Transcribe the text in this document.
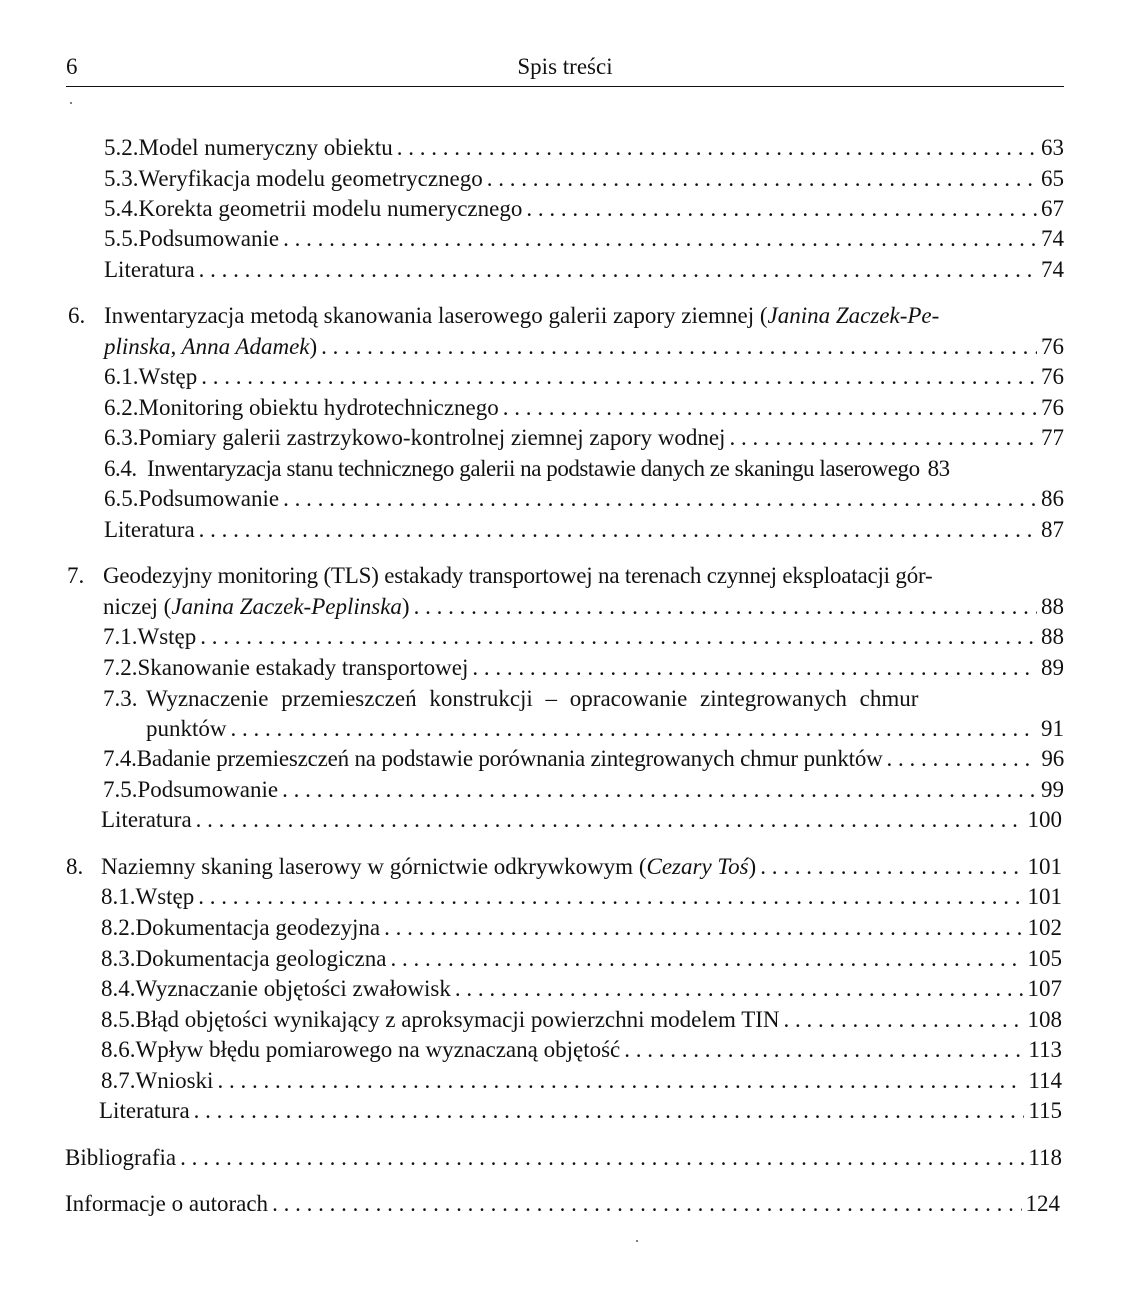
6	Spis treści
5.2. Model numeryczny obiektu . . .	63
5.3. Weryfikacja modelu geometrycznego . . .	65
5.4. Korekta geometrii modelu numerycznego . . .	67
5.5. Podsumowanie . . .	74
Literatura . . .	74
6. Inwentaryzacja metodą skanowania laserowego galerii zapory ziemnej (Janina Zaczek-Pe-
plinska, Anna Adamek) . . .	76
6.1. Wstęp . . .	76
6.2. Monitoring obiektu hydrotechnicznego . . .	76
6.3. Pomiary galerii zastrzykowo-kontrolnej ziemnej zapory wodnej . . .	77
6.4. Inwentaryzacja stanu technicznego galerii na podstawie danych ze skaningu laserowego 83
6.5. Podsumowanie . . .	86
Literatura . . .	87
7. Geodezyjny monitoring (TLS) estakady transportowej na terenach czynnej eksploatacji gór-
niczej (Janina Zaczek-Peplinska) . . .	88
7.1. Wstęp . . .	88
7.2. Skanowanie estakady transportowej . . .	89
7.3. Wyznaczenie przemieszczeń konstrukcji – opracowanie zintegrowanych chmur
punktów . . .	91
7.4. Badanie przemieszczeń na podstawie porównania zintegrowanych chmur punktów . . .	96
7.5. Podsumowanie . . .	99
Literatura . . .	100
8. Naziemny skaning laserowy w górnictwie odkrywkowym (Cezary Toś) . . .	101
8.1. Wstęp . . .	101
8.2. Dokumentacja geodezyjna . . .	102
8.3. Dokumentacja geologiczna . . .	105
8.4. Wyznaczanie objętości zwałowisk . . .	107
8.5. Błąd objętości wynikający z aproksymacji powierzchni modelem TIN . . .	108
8.6. Wpływ błędu pomiarowego na wyznaczaną objętość . . .	113
8.7. Wnioski . . .	114
Literatura . . .	115
Bibliografia . . .	118
Informacje o autorach . . .	124
